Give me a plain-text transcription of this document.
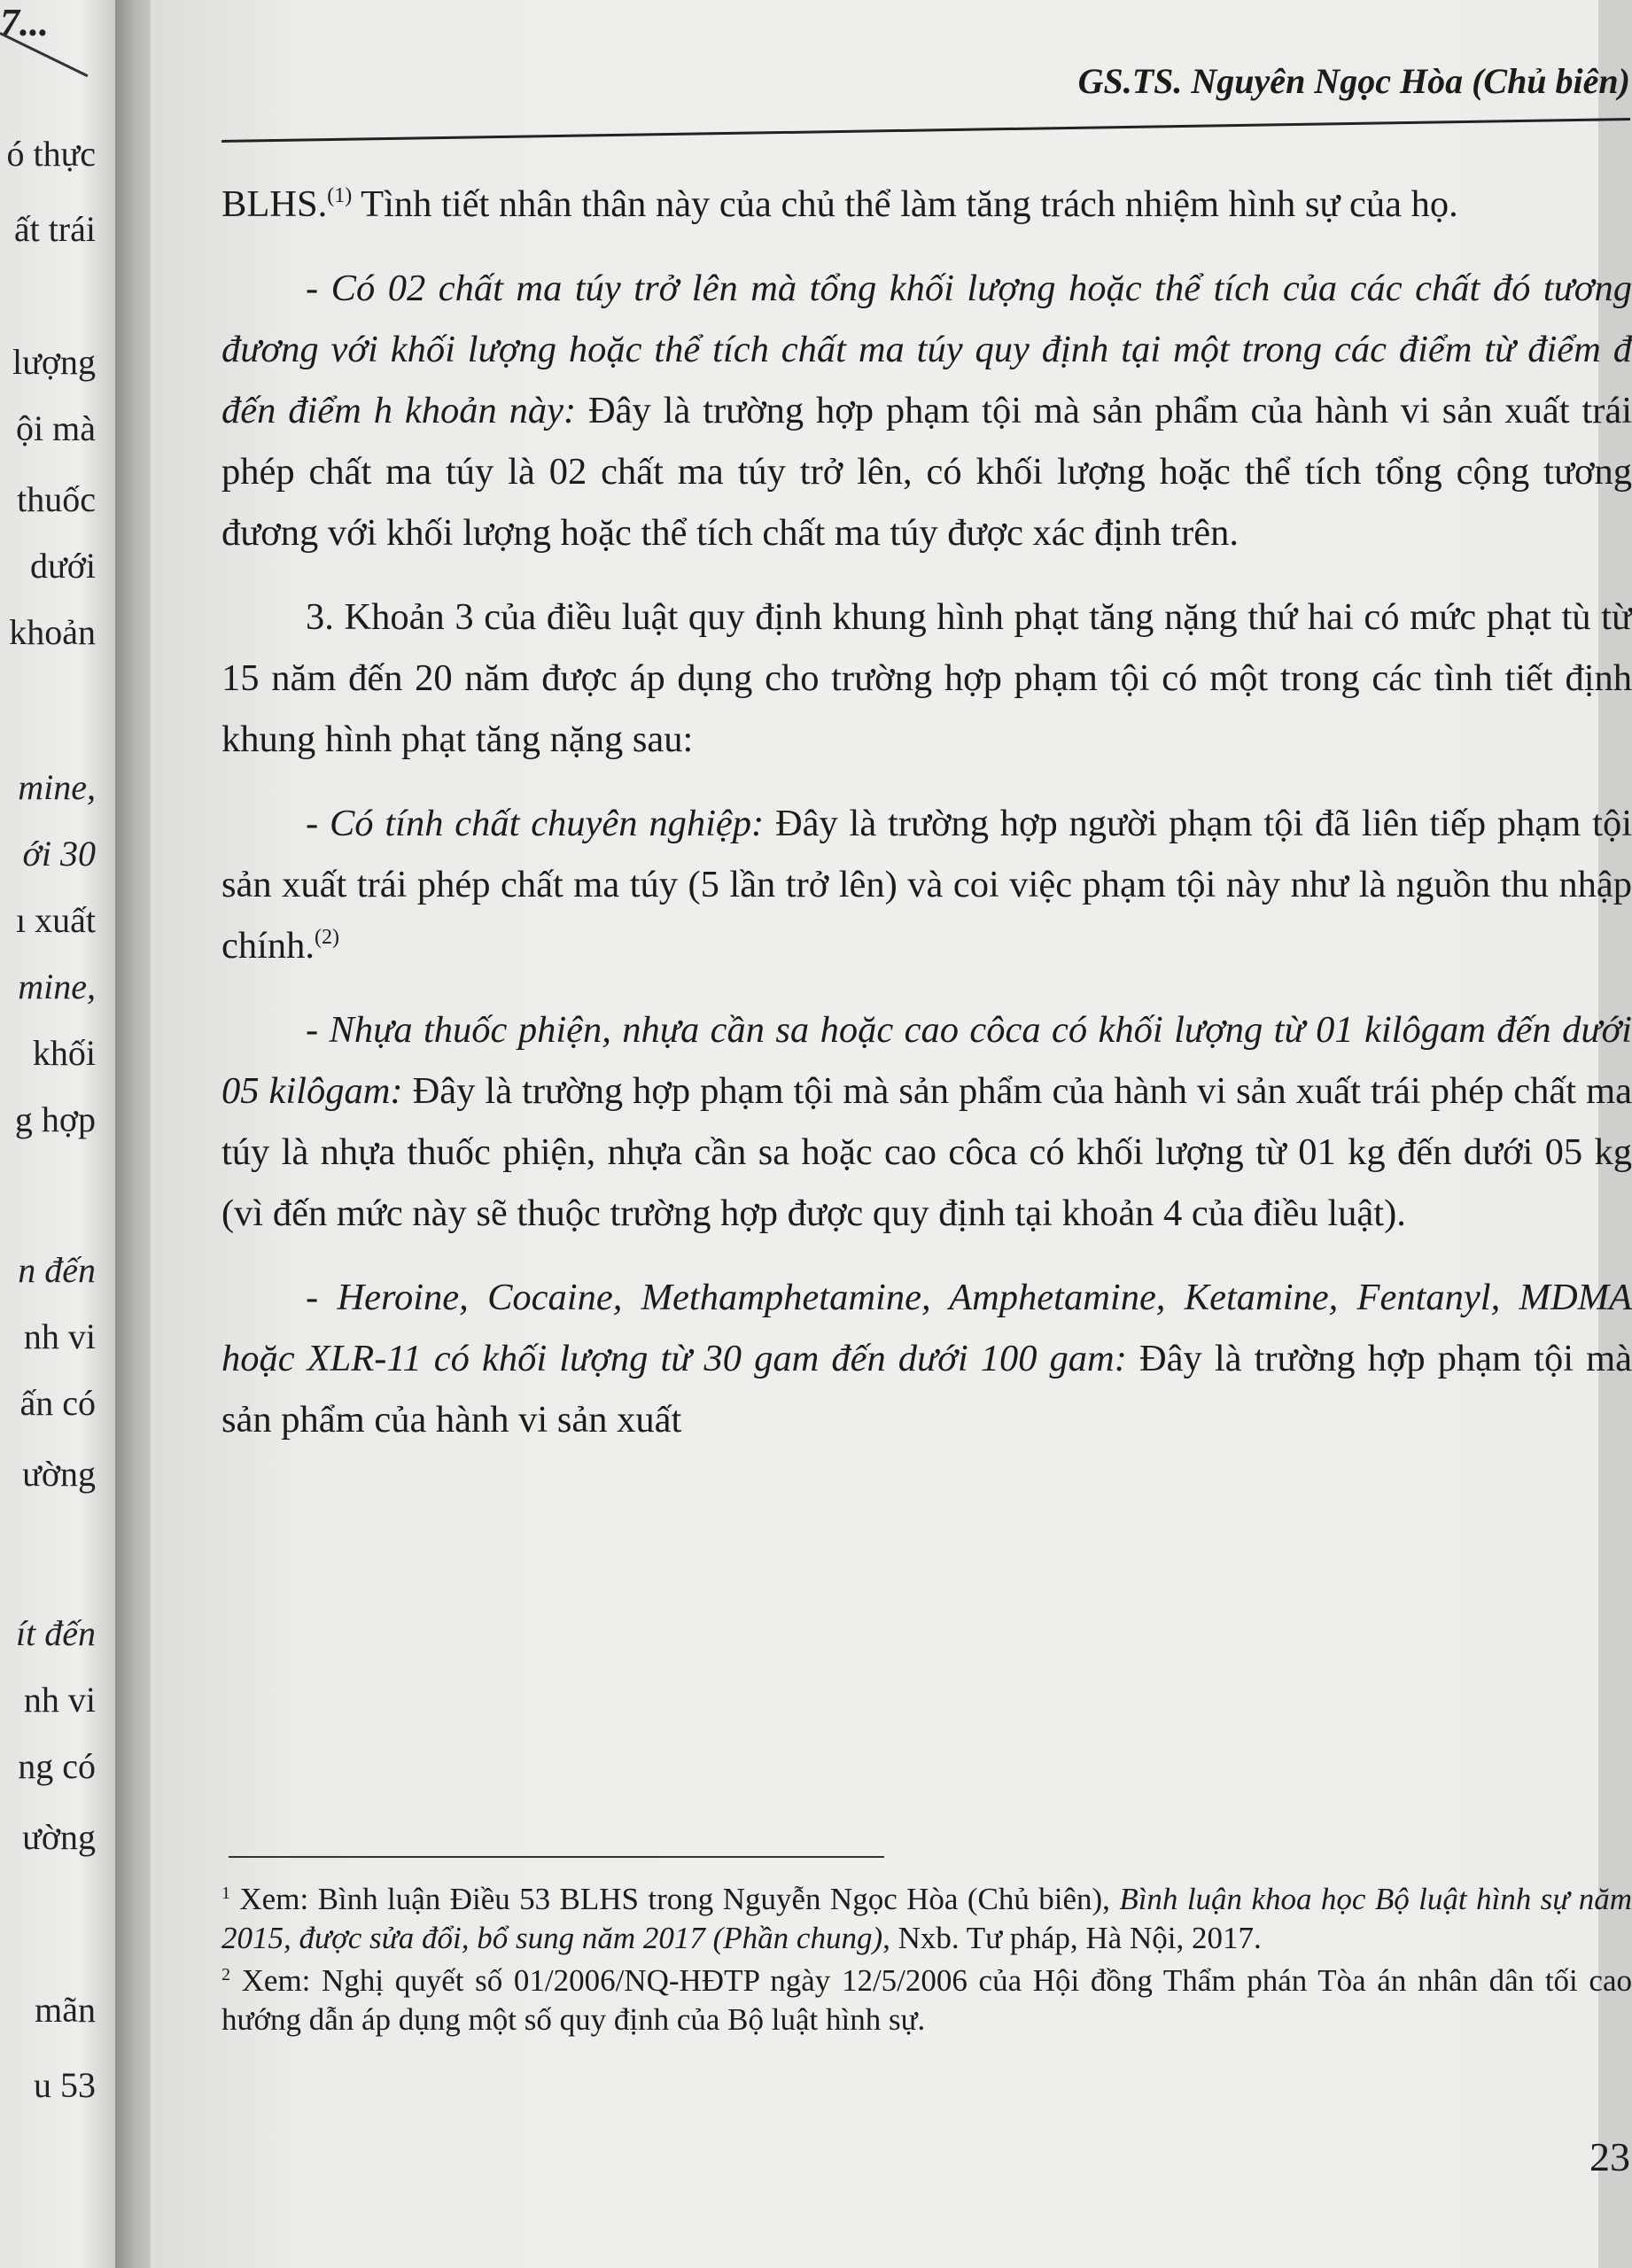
7...
ó thực
ất trái
lượng
ội mà
thuốc
dưới
khoản
mine,
ới 30
ı xuất
mine,
khối
g hợp
n đến
nh vi
ấn có
ường
ít đến
nh vi
ng có
ường
mãn
u 53
GS.TS. Nguyên Ngọc Hòa (Chủ biên)

BLHS.$^{(1)}$ Tình tiết nhân thân này của chủ thể làm tăng trách nhiệm hình sự của họ.

- Có 02 chất ma túy trở lên mà tổng khối lượng hoặc thể tích của các chất đó tương đương với khối lượng hoặc thể tích chất ma túy quy định tại một trong các điểm từ điểm đ đến điểm h khoản này: Đây là trường hợp phạm tội mà sản phẩm của hành vi sản xuất trái phép chất ma túy là 02 chất ma túy trở lên, có khối lượng hoặc thể tích tổng cộng tương đương với khối lượng hoặc thể tích chất ma túy được xác định trên.

3. Khoản 3 của điều luật quy định khung hình phạt tăng nặng thứ hai có mức phạt tù từ 15 năm đến 20 năm được áp dụng cho trường hợp phạm tội có một trong các tình tiết định khung hình phạt tăng nặng sau:

- Có tính chất chuyên nghiệp: Đây là trường hợp người phạm tội đã liên tiếp phạm tội sản xuất trái phép chất ma túy (5 lần trở lên) và coi việc phạm tội này như là nguồn thu nhập chính.$^{(2)}$

- Nhựa thuốc phiện, nhựa cần sa hoặc cao côca có khối lượng từ 01 kilôgam đến dưới 05 kilôgam: Đây là trường hợp phạm tội mà sản phẩm của hành vi sản xuất trái phép chất ma túy là nhựa thuốc phiện, nhựa cần sa hoặc cao côca có khối lượng từ 01 kg đến dưới 05 kg (vì đến mức này sẽ thuộc trường hợp được quy định tại khoản 4 của điều luật).

- Heroine, Cocaine, Methamphetamine, Amphetamine, Ketamine, Fentanyl, MDMA hoặc XLR-11 có khối lượng từ 30 gam đến dưới 100 gam: Đây là trường hợp phạm tội mà sản phẩm của hành vi sản xuất

$^1$ Xem: Bình luận Điều 53 BLHS trong Nguyễn Ngọc Hòa (Chủ biên), Bình luận khoa học Bộ luật hình sự năm 2015, được sửa đổi, bổ sung năm 2017 (Phần chung), Nxb. Tư pháp, Hà Nội, 2017.

$^2$ Xem: Nghị quyết số 01/2006/NQ-HĐTP ngày 12/5/2006 của Hội đồng Thẩm phán Tòa án nhân dân tối cao hướng dẫn áp dụng một số quy định của Bộ luật hình sự.

23
